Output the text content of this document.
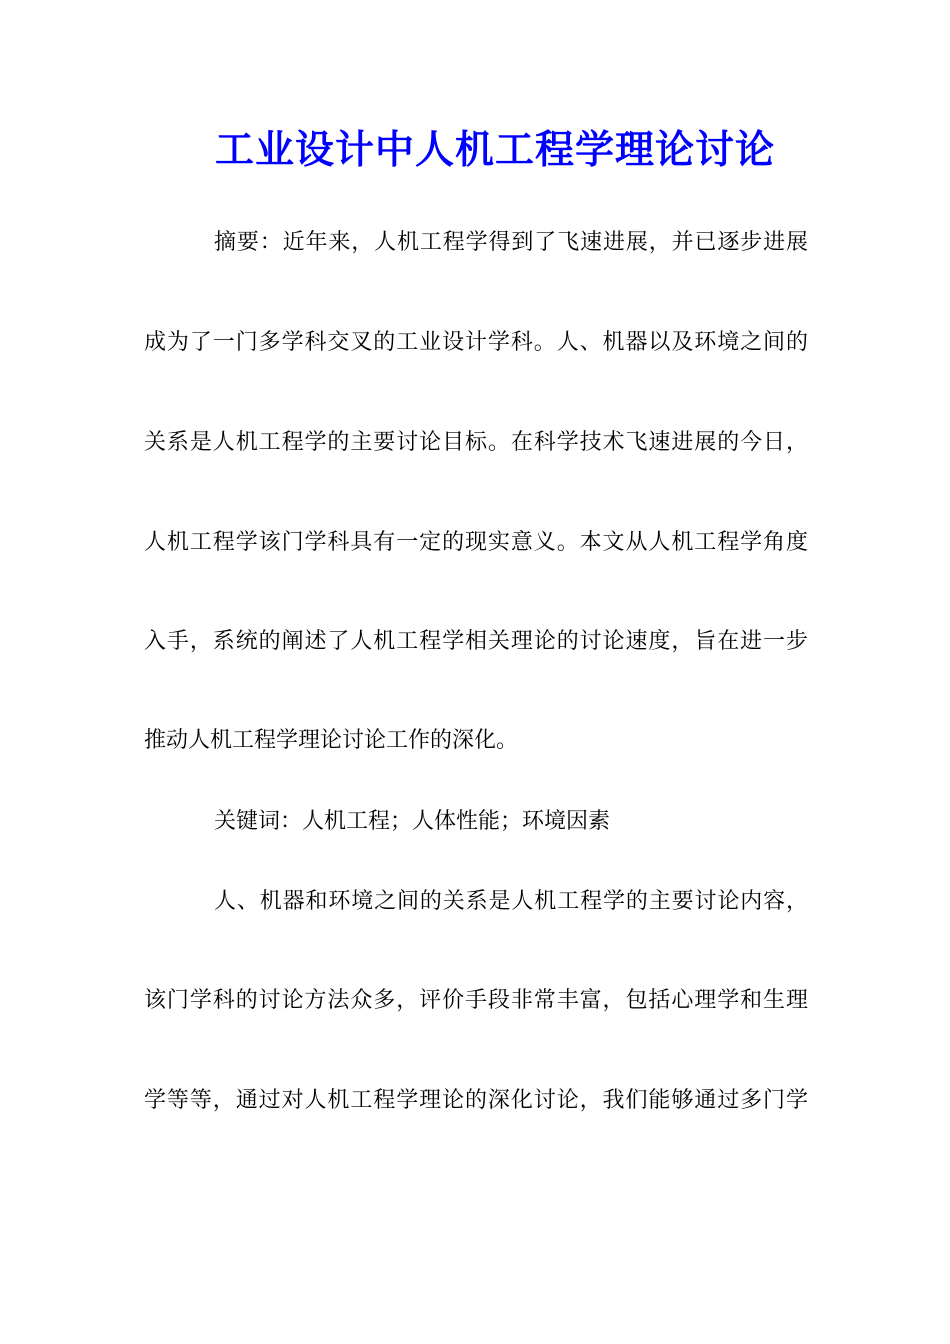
工业设计中人机工程学理论讨论
摘要：近年来，人机工程学得到了飞速进展，并已逐步进展
成为了一门多学科交叉的工业设计学科。人、机器以及环境之间的
关系是人机工程学的主要讨论目标。在科学技术飞速进展的今日，
人机工程学该门学科具有一定的现实意义。本文从人机工程学角度
入手，系统的阐述了人机工程学相关理论的讨论速度，旨在进一步
推动人机工程学理论讨论工作的深化。
关键词：人机工程；人体性能；环境因素
人、机器和环境之间的关系是人机工程学的主要讨论内容，
该门学科的讨论方法众多，评价手段非常丰富，包括心理学和生理
学等等，通过对人机工程学理论的深化讨论，我们能够通过多门学
